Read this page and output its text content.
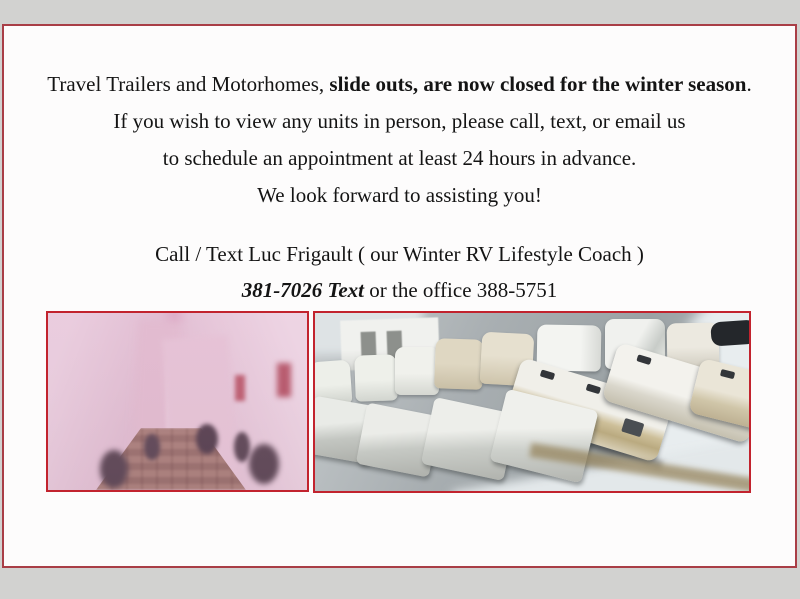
Travel Trailers and Motorhomes, slide outs, are now closed for the winter season.
If you wish to view any units in person, please call, text, or email us
to schedule an appointment at least 24 hours in advance.
We look forward to assisting you!
Call / Text Luc Frigault ( our Winter RV Lifestyle Coach )
381-7026 Text or the office 388-5751
